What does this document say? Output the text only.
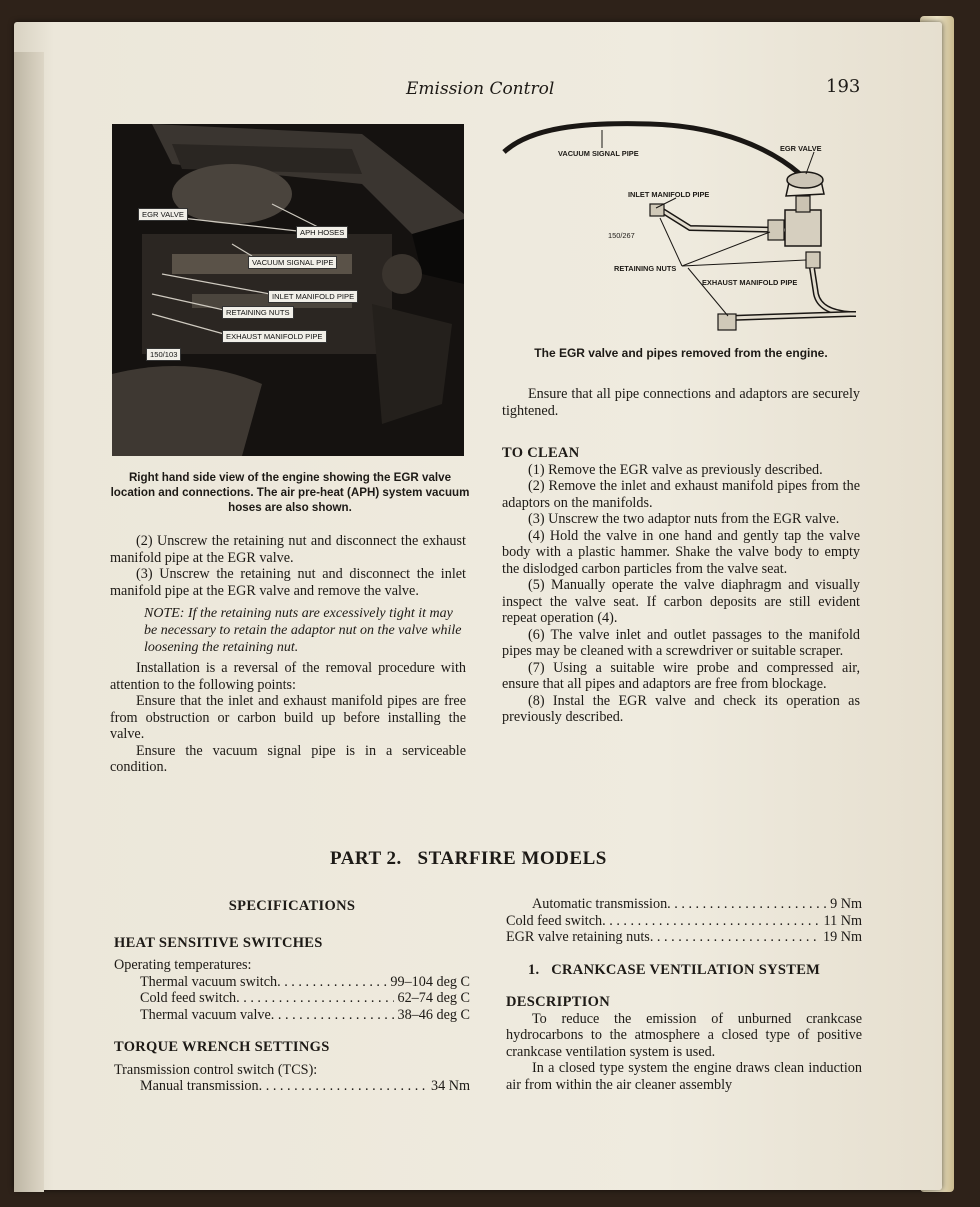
Emission Control	193
EGR VALVE
APH HOSES
VACUUM SIGNAL PIPE
INLET MANIFOLD PIPE
RETAINING NUTS
EXHAUST MANIFOLD PIPE
150/103
Right hand side view of the engine showing the EGR valve location and connections. The air pre-heat (APH) system vacuum hoses are also shown.
VACUUM SIGNAL PIPE
EGR VALVE
INLET MANIFOLD PIPE
150/267
RETAINING NUTS
EXHAUST MANIFOLD PIPE
The EGR valve and pipes removed from the engine.

(2) Unscrew the retaining nut and disconnect the exhaust manifold pipe at the EGR valve.

(3) Unscrew the retaining nut and disconnect the inlet manifold pipe at the EGR valve and remove the valve.

NOTE: If the retaining nuts are excessively tight it may be necessary to retain the adaptor nut on the valve while loosening the retaining nut.

Installation is a reversal of the removal procedure with attention to the following points:

Ensure that the inlet and exhaust manifold pipes are free from obstruction or carbon build up before installing the valve.

Ensure the vacuum signal pipe is in a serviceable condition.

Ensure that all pipe connections and adaptors are securely tightened.

TO CLEAN

(1) Remove the EGR valve as previously described.

(2) Remove the inlet and exhaust manifold pipes from the adaptors on the manifolds.

(3) Unscrew the two adaptor nuts from the EGR valve.

(4) Hold the valve in one hand and gently tap the valve body with a plastic hammer. Shake the valve body to empty the dislodged carbon particles from the valve seat.

(5) Manually operate the valve diaphragm and visually inspect the valve seat. If carbon deposits are still evident repeat operation (4).

(6) The valve inlet and outlet passages to the manifold pipes may be cleaned with a screwdriver or suitable scraper.

(7) Using a suitable wire probe and compressed air, ensure that all pipes and adaptors are free from blockage.

(8) Instal the EGR valve and check its operation as previously described.

PART 2.   STARFIRE MODELS
SPECIFICATIONS
HEAT SENSITIVE SWITCHES
Operating temperatures:
Thermal vacuum switch . . .	99–104 deg C
Cold feed switch . . .	62–74 deg C
Thermal vacuum valve . . .	38–46 deg C
TORQUE WRENCH SETTINGS
Transmission control switch (TCS):
Manual transmission . . .	34 Nm
Automatic transmission . . .	9 Nm
Cold feed switch . . .	11 Nm
EGR valve retaining nuts . . .	19 Nm
1.   CRANKCASE VENTILATION SYSTEM
DESCRIPTION

To reduce the emission of unburned crankcase hydrocarbons to the atmosphere a closed type of positive crankcase ventilation system is used.

In a closed type system the engine draws clean induction air from within the air cleaner assembly
